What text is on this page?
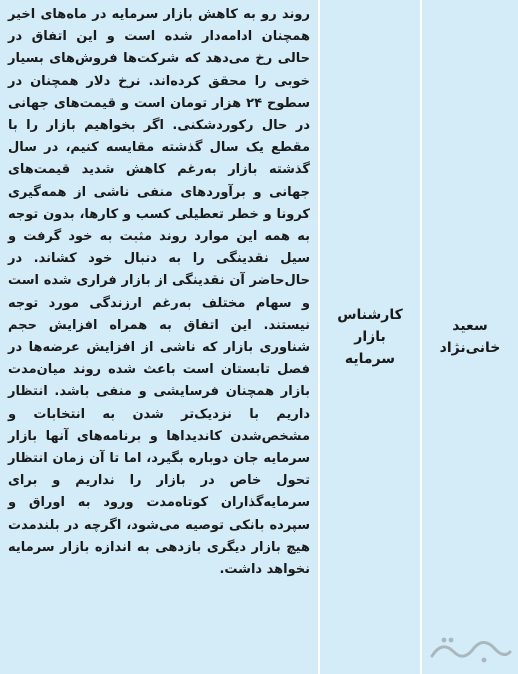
سعید
خانی‌نژاد
کارشناس بازار
سرمایه
روند رو به کاهش بازار سرمایه در ماه‌های اخیر همچنان ادامه‌دار شده است و این اتفاق در حالی رخ می‌دهد که شرکت‌ها فروش‌های بسیار خوبی را محقق کرده‌اند. نرخ دلار همچنان در سطوح ۲۴ هزار تومان است و قیمت‌های جهانی در حال رکوردشکنی. اگر بخواهیم بازار را با مقطع یک سال گذشته مقایسه کنیم، در سال گذشته بازار به‌رغم کاهش شدید قیمت‌های جهانی و برآوردهای منفی ناشی از همه‌گیری کرونا و خطر تعطیلی کسب و کارها، بدون توجه به همه این موارد روند مثبت به خود گرفت و سیل نقدینگی را به دنبال خود کشاند. در حال‌حاضر آن نقدینگی از بازار فراری شده است و سهام مختلف به‌رغم ارزندگی مورد توجه نیستند. این اتفاق به همراه افزایش حجم شناوری بازار که ناشی از افزایش عرضه‌ها در فصل تابستان است باعث شده روند میان‌مدت بازار همچنان فرسایشی و منفی باشد. انتظار داریم با نزدیک‌تر شدن به انتخابات و مشخص‌شدن کاندیداها و برنامه‌های آنها بازار سرمایه جان دوباره بگیرد، اما تا آن زمان انتظار تحول خاص در بازار را نداریم و برای سرمایه‌گذاران کوتاه‌مدت ورود به اوراق و سپرده بانکی توصیه می‌شود، اگرچه در بلندمدت هیچ بازار دیگری بازدهی به اندازه بازار سرمایه نخواهد داشت.
